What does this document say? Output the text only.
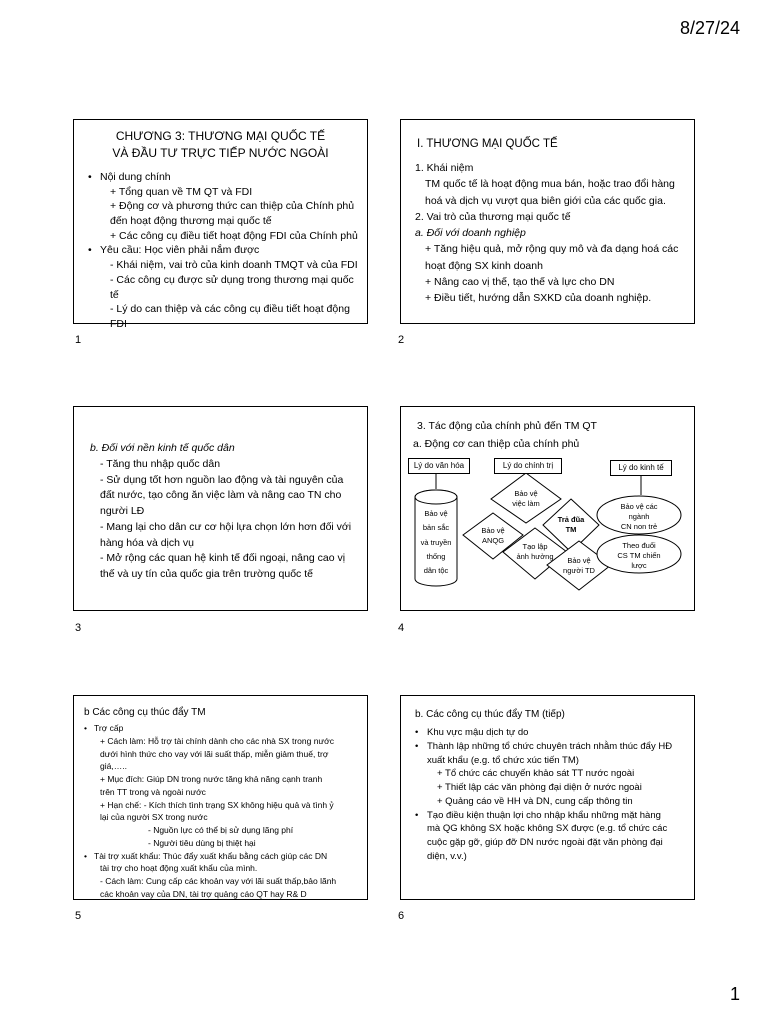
8/27/24
CHƯƠNG 3: THƯƠNG MẠI QUỐC TẾ
VÀ ĐẦU TƯ TRỰC TIẾP NƯỚC NGOÀI
• Nội dung chính
+ Tổng quan về TM QT và FDI
+ Động cơ và phương thức can thiệp của Chính phủ
đến hoạt động thương mại quốc tế
+ Các công cụ điều tiết hoạt động FDI của Chính phủ
• Yêu cầu: Học viên phải nắm được
- Khái niệm, vai trò của kinh doanh TMQT và của FDI
- Các công cụ được sử dụng trong thương mại quốc tế
- Lý do can thiệp và các công cụ điều tiết hoạt động
FDI
1
I. THƯƠNG MẠI QUỐC TẾ
1. Khái niệm
TM quốc tế là hoạt động mua bán, hoặc trao đổi hàng
hoá và dịch vụ vượt qua biên giới của các quốc gia.
2. Vai trò của thương mại quốc tế
a. Đối với doanh nghiệp
+ Tăng hiệu quả, mở rộng quy mô và đa dạng hoá các
hoạt động SX kinh doanh
+ Nâng cao vị thế, tạo thế và lực cho DN
+ Điều tiết, hướng dẫn SXKD của doanh nghiệp.
2
b. Đối với nền kinh tế quốc dân
- Tăng thu nhập quốc dân
- Sử dụng tốt hơn nguồn lao động và tài nguyên của
đất nước, tạo công ăn việc làm và nâng cao TN cho
người LĐ
- Mang lại cho dân cư cơ hội lựa chọn lớn hơn đối với
hàng hóa và dịch vụ
- Mở rộng các quan hệ kinh tế đối ngoại, nâng cao vị
thế và uy tín của quốc gia trên trường quốc tế
3
3. Tác động của chính phủ đến TM QT
a. Động cơ can thiệp của chính phủ
Lý do văn hóa	Lý do chính trị	Lý do kinh tế
Bảo vệ
bản sắc
và truyền
thống
dân tộc
Bảo vệ
việc làm
Bảo vệ
ANQG
Trả đũa
TM
Tạo lập
ảnh hưởng	Bảo vệ
người TD
Bảo vệ các
ngành
CN non trẻ
Theo đuổi
CS TM chiến
lược
4
b Các công cụ thúc đẩy TM
• Trợ cấp
+ Cách làm: Hỗ trợ tài chính dành cho các nhà SX trong nước
dưới hình thức cho vay với lãi suất thấp, miễn giảm thuế, trợ
giá,…..
+ Mục đích: Giúp DN trong nước tăng khả năng cạnh tranh
trên TT trong và ngoài nước
+ Hạn chế: - Kích thích tình trạng SX không hiệu quả và tình ỷ
lại của người SX trong nước
- Nguồn lực có thể bị sử dụng lãng phí
- Người tiêu dùng bị thiệt hại
• Tài trợ xuất khẩu: Thúc đẩy xuất khẩu bằng cách giúp các DN
tài trợ cho hoạt động xuất khẩu của mình.
- Cách làm: Cung cấp các khoản vay với lãi suất thấp,bảo lãnh
các khoản vay của DN, tài trợ quảng cáo QT hay R& D
5
b. Các công cụ thúc đẩy TM (tiếp)
• Khu vực mậu dịch tự do
• Thành lập những tổ chức chuyên trách nhằm thúc đẩy HĐ
xuất khẩu (e.g. tổ chức xúc tiến TM)
+ Tổ chức các chuyến khảo sát TT nước ngoài
+ Thiết lập các văn phòng đại diện ở nước ngoài
+ Quảng cáo về HH và DN, cung cấp thông tin
• Tạo điều kiện thuận lợi cho nhập khẩu những mặt hàng
mà QG không SX hoặc không SX được (e.g. tổ chức các
cuộc gặp gỡ, giúp đỡ DN nước ngoài đặt văn phòng đại
diện, v.v.)
6
1
